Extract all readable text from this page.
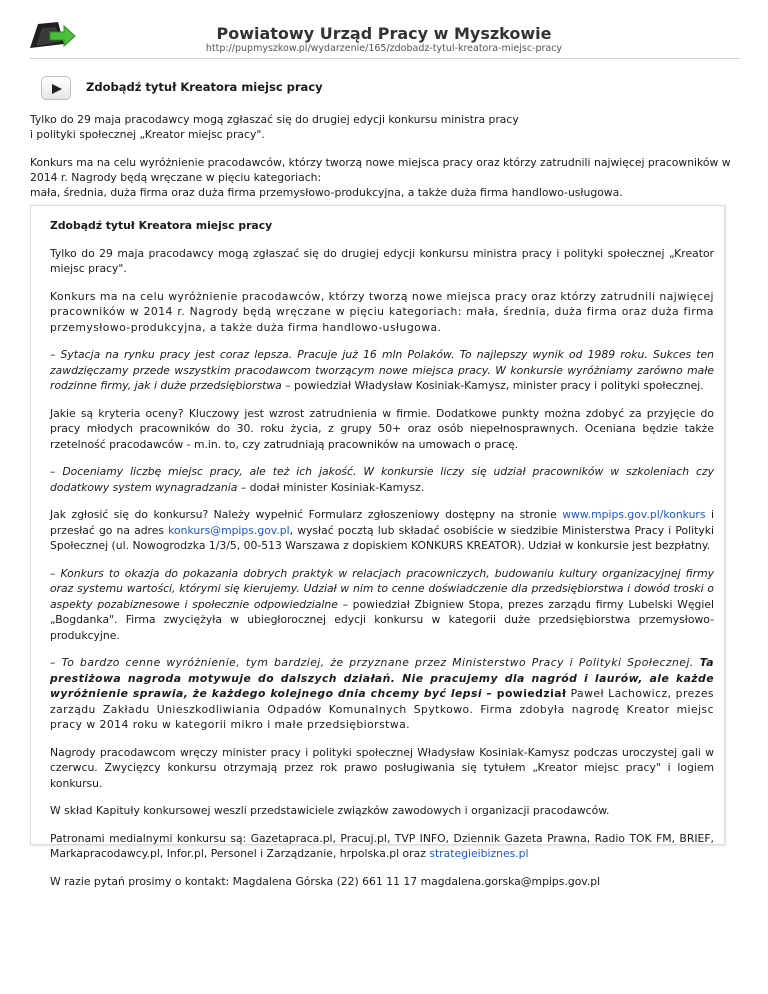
Powiatowy Urząd Pracy w Myszkowie
http://pupmyszkow.pl/wydarzenie/165/zdobadz-tytul-kreatora-miejsc-pracy
Zdobądź tytuł Kreatora miejsc pracy

Tylko do 29 maja pracodawcy mogą zgłaszać się do drugiej edycji konkursu ministra pracy
i polityki społecznej „Kreator miejsc pracy".

Konkurs ma na celu wyróżnienie pracodawców, którzy tworzą nowe miejsca pracy oraz którzy zatrudnili najwięcej pracowników w
2014 r. Nagrody będą wręczane w pięciu kategoriach:
mała, średnia, duża firma oraz duża firma przemysłowo-produkcyjna, a także duża firma handlowo-usługowa.

Zdobądź tytuł Kreatora miejsc pracy

Tylko do 29 maja pracodawcy mogą zgłaszać się do drugiej edycji konkursu ministra pracy i polityki społecznej „Kreator miejsc pracy".

Konkurs ma na celu wyróżnienie pracodawców, którzy tworzą nowe miejsca pracy oraz którzy zatrudnili najwięcej pracowników w 2014 r. Nagrody będą wręczane w pięciu kategoriach: mała, średnia, duża firma oraz duża firma przemysłowo-produkcyjna, a także duża firma handlowo-usługowa.

– Sytacja na rynku pracy jest coraz lepsza. Pracuje już 16 mln Polaków. To najlepszy wynik od 1989 roku. Sukces ten zawdzięczamy przede wszystkim pracodawcom tworzącym nowe miejsca pracy. W konkursie wyróżniamy zarówno małe rodzinne firmy, jak i duże przedsiębiorstwa – powiedział Władysław Kosiniak-Kamysz, minister pracy i polityki społecznej.

Jakie są kryteria oceny? Kluczowy jest wzrost zatrudnienia w firmie. Dodatkowe punkty można zdobyć za przyjęcie do pracy młodych pracowników do 30. roku życia, z grupy 50+ oraz osób niepełnosprawnych. Oceniana będzie także rzetelność pracodawców - m.in. to, czy zatrudniają pracowników na umowach o pracę.

– Doceniamy liczbę miejsc pracy, ale też ich jakość. W konkursie liczy się udział pracowników w szkoleniach czy dodatkowy system wynagradzania – dodał minister Kosiniak-Kamysz.

Jak zgłosić się do konkursu? Należy wypełnić Formularz zgłoszeniowy dostępny na stronie www.mpips.gov.pl/konkurs i przesłać go na adres konkurs@mpips.gov.pl, wysłać pocztą lub składać osobiście w siedzibie Ministerstwa Pracy i Polityki Społecznej (ul. Nowogrodzka 1/3/5, 00-513 Warszawa z dopiskiem KONKURS KREATOR). Udział w konkursie jest bezpłatny.

– Konkurs to okazja do pokazania dobrych praktyk w relacjach pracowniczych, budowaniu kultury organizacyjnej firmy oraz systemu wartości, którymi się kierujemy. Udział w nim to cenne doświadczenie dla przedsiębiorstwa i dowód troski o aspekty pozabiznesowe i społecznie odpowiedzialne – powiedział Zbigniew Stopa, prezes zarządu firmy Lubelski Węgiel „Bogdanka". Firma zwyciężyła w ubiegłorocznej edycji konkursu w kategorii duże przedsiębiorstwa przemysłowo-produkcyjne.

– To bardzo cenne wyróżnienie, tym bardziej, że przyznane przez Ministerstwo Pracy i Polityki Społecznej. Ta prestiżowa nagroda motywuje do dalszych działań. Nie pracujemy dla nagród i laurów, ale każde wyróżnienie sprawia, że każdego kolejnego dnia chcemy być lepsi – powiedział Paweł Lachowicz, prezes zarządu Zakładu Unieszkodliwiania Odpadów Komunalnych Spytkowo. Firma zdobyła nagrodę Kreator miejsc pracy w 2014 roku w kategorii mikro i małe przedsiębiorstwa.

Nagrody pracodawcom wręczy minister pracy i polityki społecznej Władysław Kosiniak-Kamysz podczas uroczystej gali w czerwcu. Zwycięzcy konkursu otrzymają przez rok prawo posługiwania się tytułem „Kreator miejsc pracy" i logiem konkursu.

W skład Kapituły konkursowej weszli przedstawiciele związków zawodowych i organizacji pracodawców.

Patronami medialnymi konkursu są: Gazetapraca.pl, Pracuj.pl, TVP INFO, Dziennik Gazeta Prawna, Radio TOK FM, BRIEF, Markapracodawcy.pl, Infor.pl, Personel i Zarządzanie, hrpolska.pl oraz strategieibiznes.pl

W razie pytań prosimy o kontakt: Magdalena Górska (22) 661 11 17 magdalena.gorska@mpips.gov.pl
